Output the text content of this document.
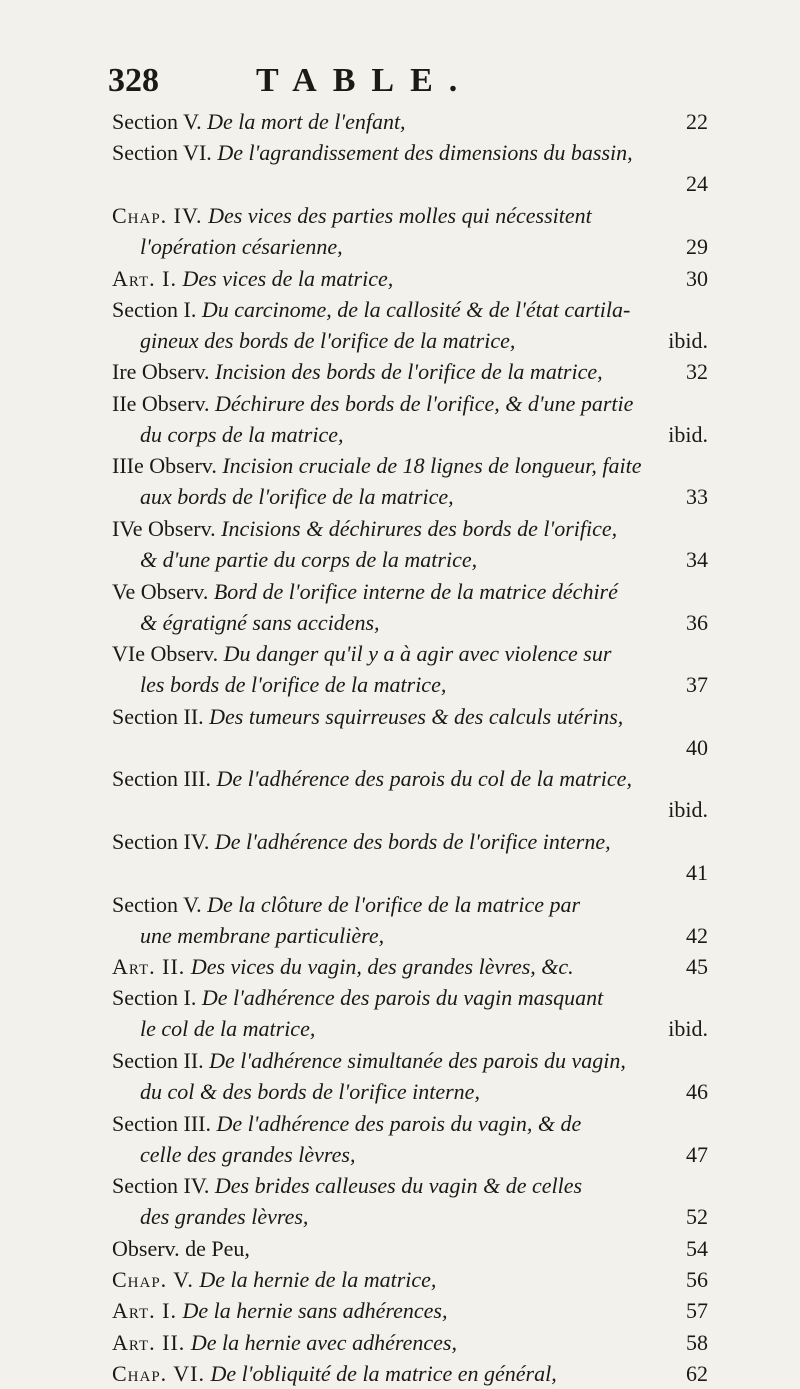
328	TABLE.
Section V. De la mort de l'enfant,	22
Section VI. De l'agrandissement des dimensions du bassin,
24
Chap. IV. Des vices des parties molles qui nécessitent
l'opération césarienne,	29
Art. I. Des vices de la matrice,	30
Section I. Du carcinome, de la callosité & de l'état cartila-
gineux des bords de l'orifice de la matrice,	ibid.
Ire Observ. Incision des bords de l'orifice de la matrice,	32
IIe Observ. Déchirure des bords de l'orifice, & d'une partie
du corps de la matrice,	ibid.
IIIe Observ. Incision cruciale de 18 lignes de longueur, faite
aux bords de l'orifice de la matrice,	33
IVe Observ. Incisions & déchirures des bords de l'orifice,
& d'une partie du corps de la matrice,	34
Ve Observ. Bord de l'orifice interne de la matrice déchiré
& égratigné sans accidens,	36
VIe Observ. Du danger qu'il y a à agir avec violence sur
les bords de l'orifice de la matrice,	37
Section II. Des tumeurs squirreuses & des calculs utérins,
40
Section III. De l'adhérence des parois du col de la matrice,
ibid.
Section IV. De l'adhérence des bords de l'orifice interne,
41
Section V. De la clôture de l'orifice de la matrice par
une membrane particulière,	42
Art. II. Des vices du vagin, des grandes lèvres, &c.	45
Section I. De l'adhérence des parois du vagin masquant
le col de la matrice,	ibid.
Section II. De l'adhérence simultanée des parois du vagin,
du col & des bords de l'orifice interne,	46
Section III. De l'adhérence des parois du vagin, & de
celle des grandes lèvres,	47
Section IV. Des brides calleuses du vagin & de celles
des grandes lèvres,	52
Observ. de Peu,	54
Chap. V. De la hernie de la matrice,	56
Art. I. De la hernie sans adhérences,	57
Art. II. De la hernie avec adhérences,	58
Chap. VI. De l'obliquité de la matrice en général,	62
